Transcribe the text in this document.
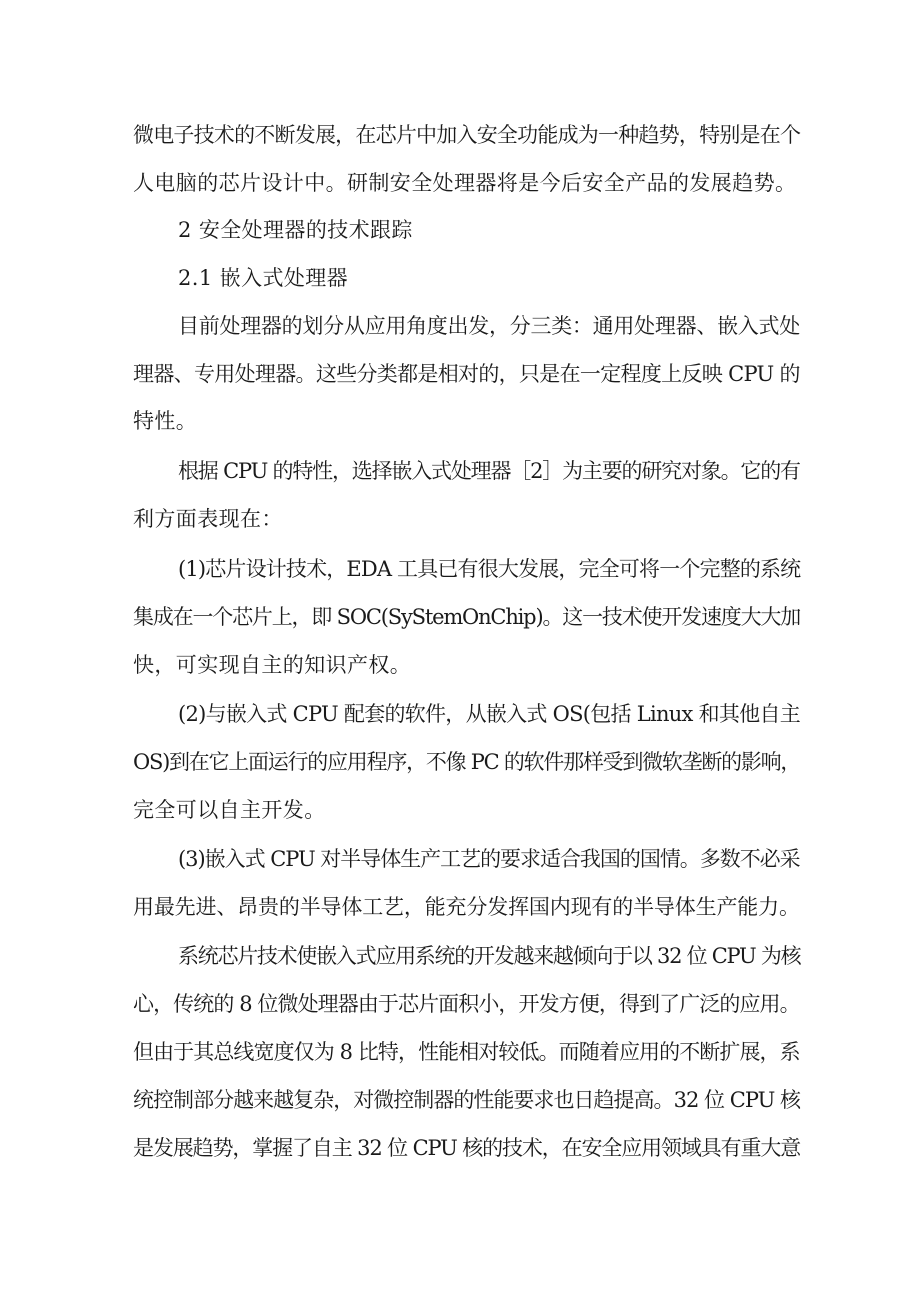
微电子技术的不断发展，在芯片中加入安全功能成为一种趋势，特别是在个
人电脑的芯片设计中。研制安全处理器将是今后安全产品的发展趋势。
2 安全处理器的技术跟踪
2.1 嵌入式处理器
目前处理器的划分从应用角度出发，分三类：通用处理器、嵌入式处
理器、专用处理器。这些分类都是相对的，只是在一定程度上反映 CPU 的
特性。
根据 CPU 的特性，选择嵌入式处理器［2］为主要的研究对象。它的有
利方面表现在：
(1)芯片设计技术，EDA 工具已有很大发展，完全可将一个完整的系统
集成在一个芯片上，即 SOC(SyStemOnChip)。这一技术使开发速度大大加
快，可实现自主的知识产权。
(2)与嵌入式 CPU 配套的软件，从嵌入式 OS(包括 Linux 和其他自主
OS)到在它上面运行的应用程序，不像 PC 的软件那样受到微软垄断的影响，
完全可以自主开发。
(3)嵌入式 CPU 对半导体生产工艺的要求适合我国的国情。多数不必采
用最先进、昂贵的半导体工艺，能充分发挥国内现有的半导体生产能力。
系统芯片技术使嵌入式应用系统的开发越来越倾向于以 32 位 CPU 为核
心，传统的 8 位微处理器由于芯片面积小，开发方便，得到了广泛的应用。
但由于其总线宽度仅为 8 比特，性能相对较低。而随着应用的不断扩展，系
统控制部分越来越复杂，对微控制器的性能要求也日趋提高。32 位 CPU 核
是发展趋势，掌握了自主 32 位 CPU 核的技术，在安全应用领域具有重大意
